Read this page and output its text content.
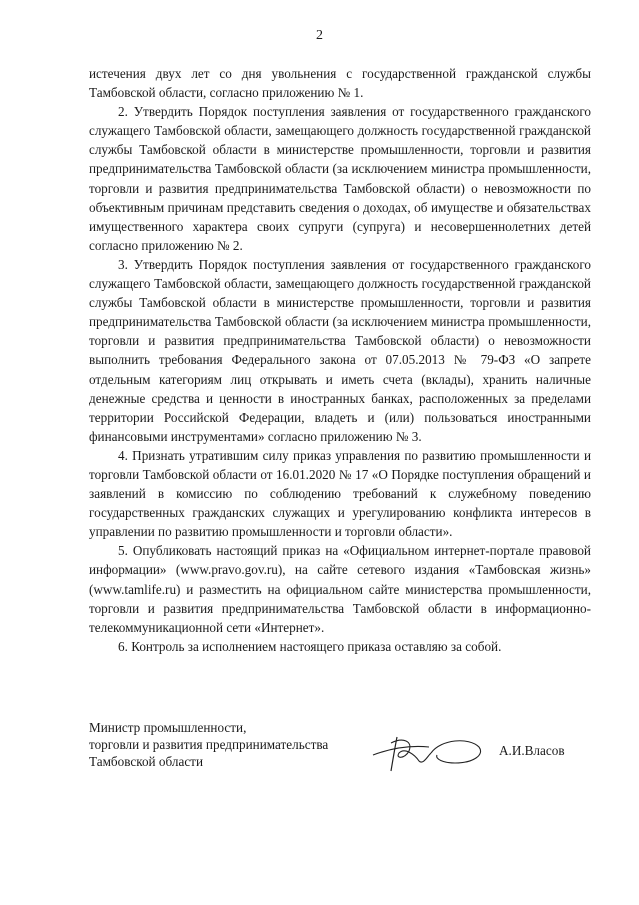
2

истечения двух лет со дня увольнения с государственной гражданской службы Тамбовской области, согласно приложению № 1.

2. Утвердить Порядок поступления заявления от государственного гражданского служащего Тамбовской области, замещающего должность государственной гражданской службы Тамбовской области в министерстве промышленности, торговли и развития предпринимательства Тамбовской области (за исключением министра промышленности, торговли и развития предпринимательства Тамбовской области) о невозможности по объективным причинам представить сведения о доходах, об имуществе и обязательствах имущественного характера своих супруги (супруга) и несовершеннолетних детей согласно приложению № 2.

3. Утвердить Порядок поступления заявления от государственного гражданского служащего Тамбовской области, замещающего должность государственной гражданской службы Тамбовской области в министерстве промышленности, торговли и развития предпринимательства Тамбовской области (за исключением министра промышленности, торговли и развития предпринимательства Тамбовской области) о невозможности выполнить требования Федерального закона от 07.05.2013 № 79-ФЗ «О запрете отдельным категориям лиц открывать и иметь счета (вклады), хранить наличные денежные средства и ценности в иностранных банках, расположенных за пределами территории Российской Федерации, владеть и (или) пользоваться иностранными финансовыми инструментами» согласно приложению № 3.

4. Признать утратившим силу приказ управления по развитию промышленности и торговли Тамбовской области от 16.01.2020 № 17 «О Порядке поступления обращений и заявлений в комиссию по соблюдению требований к служебному поведению государственных гражданских служащих и урегулированию конфликта интересов в управлении по развитию промышленности и торговли области».

5. Опубликовать настоящий приказ на «Официальном интернет-портале правовой информации» (www.pravo.gov.ru), на сайте сетевого издания «Тамбовская жизнь» (www.tamlife.ru) и разместить на официальном сайте министерства промышленности, торговли и развития предпринимательства Тамбовской области в информационно-телекоммуникационной сети «Интернет».

6. Контроль за исполнением настоящего приказа оставляю за собой.

Министр промышленности,
торговли и развития предпринимательства
Тамбовской области
А.И.Власов
